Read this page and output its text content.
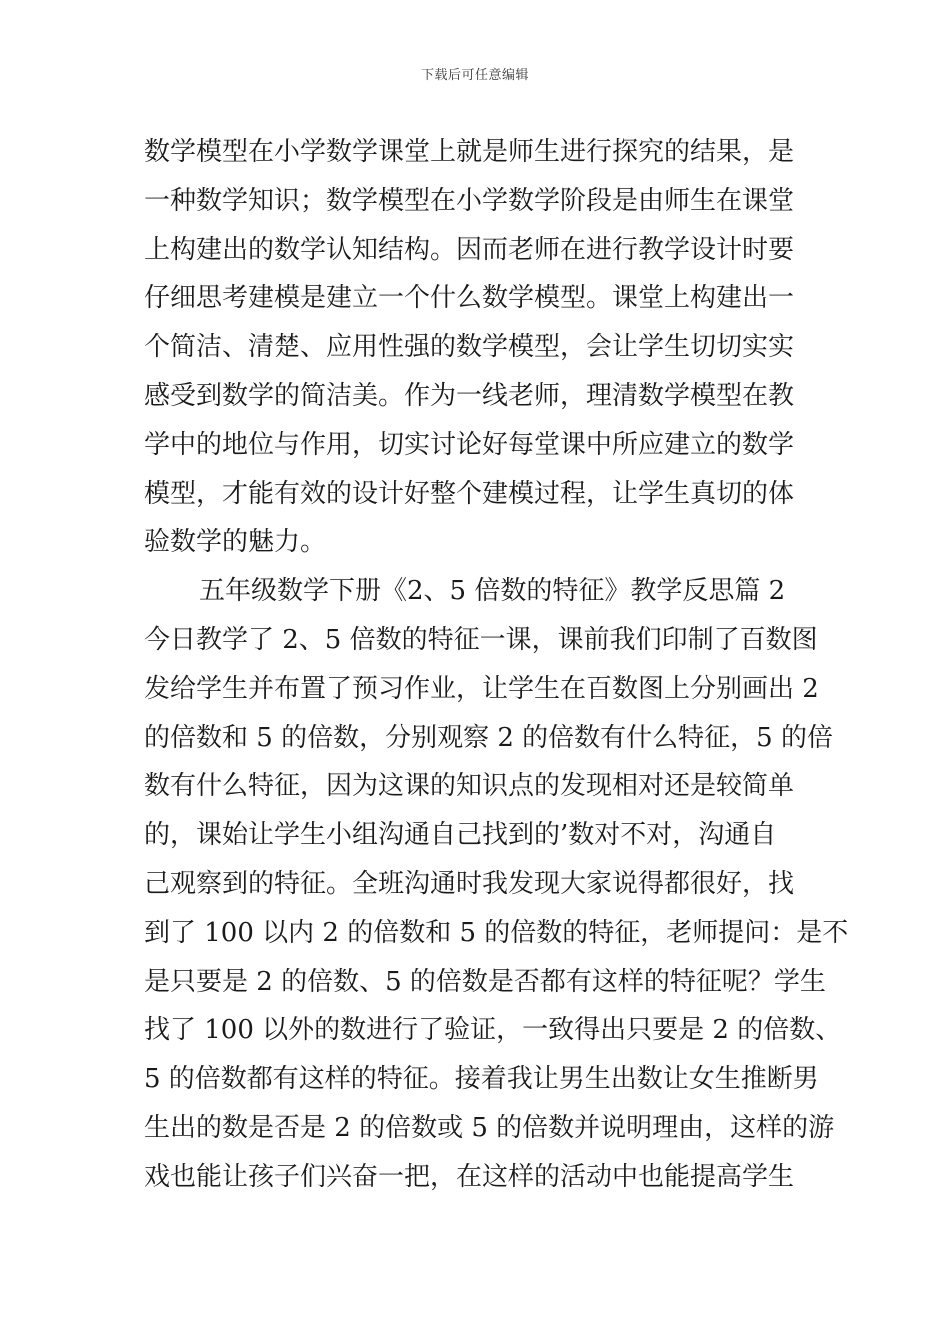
下载后可任意编辑
数学模型在小学数学课堂上就是师生进行探究的结果，是
一种数学知识；数学模型在小学数学阶段是由师生在课堂
上构建出的数学认知结构。因而老师在进行教学设计时要
仔细思考建模是建立一个什么数学模型。课堂上构建出一
个简洁、清楚、应用性强的数学模型，会让学生切切实实
感受到数学的简洁美。作为一线老师，理清数学模型在教
学中的地位与作用，切实讨论好每堂课中所应建立的数学
模型，才能有效的设计好整个建模过程，让学生真切的体
验数学的魅力。
五年级数学下册《2、5 倍数的特征》教学反思篇 2
今日教学了 2、5 倍数的特征一课，课前我们印制了百数图
发给学生并布置了预习作业，让学生在百数图上分别画出 2
的倍数和 5 的倍数，分别观察 2 的倍数有什么特征，5 的倍
数有什么特征，因为这课的知识点的发现相对还是较简单
的，课始让学生小组沟通自己找到的’数对不对，沟通自
己观察到的特征。全班沟通时我发现大家说得都很好，找
到了 100 以内 2 的倍数和 5 的倍数的特征，老师提问：是不
是只要是 2 的倍数、5 的倍数是否都有这样的特征呢？学生
找了 100 以外的数进行了验证，一致得出只要是 2 的倍数、
5 的倍数都有这样的特征。接着我让男生出数让女生推断男
生出的数是否是 2 的倍数或 5 的倍数并说明理由，这样的游
戏也能让孩子们兴奋一把，在这样的活动中也能提高学生
